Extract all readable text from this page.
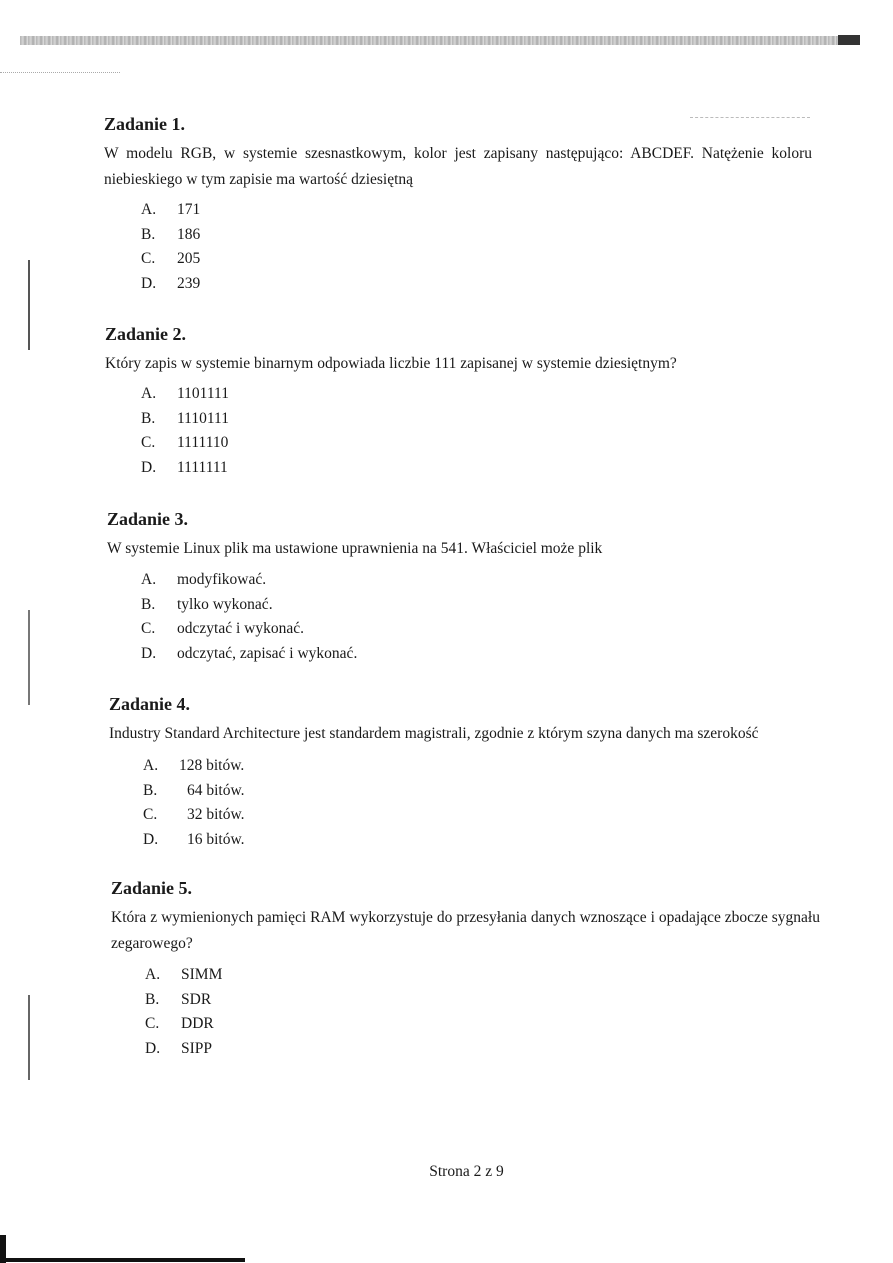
Zadanie 1.
W modelu RGB, w systemie szesnastkowym, kolor jest zapisany następująco: ABCDEF. Natężenie koloru niebieskiego w tym zapisie ma wartość dziesiętną
A.	171
B.	186
C.	205
D.	239
Zadanie 2.
Który zapis w systemie binarnym odpowiada liczbie 111 zapisanej w systemie dziesiętnym?
A.	1101111
B.	1110111
C.	1111110
D.	1111111
Zadanie 3.
W systemie Linux plik ma ustawione uprawnienia na 541. Właściciel może plik
A.	modyfikować.
B.	tylko wykonać.
C.	odczytać i wykonać.
D.	odczytać, zapisać i wykonać.
Zadanie 4.
Industry Standard Architecture jest standardem magistrali, zgodnie z którym szyna danych ma szerokość
A.	128 bitów.
B.	64 bitów.
C.	32 bitów.
D.	16 bitów.
Zadanie 5.
Która z wymienionych pamięci RAM wykorzystuje do przesyłania danych wznoszące i opadające zbocze sygnału zegarowego?
A.	SIMM
B.	SDR
C.	DDR
D.	SIPP
Strona 2 z 9
